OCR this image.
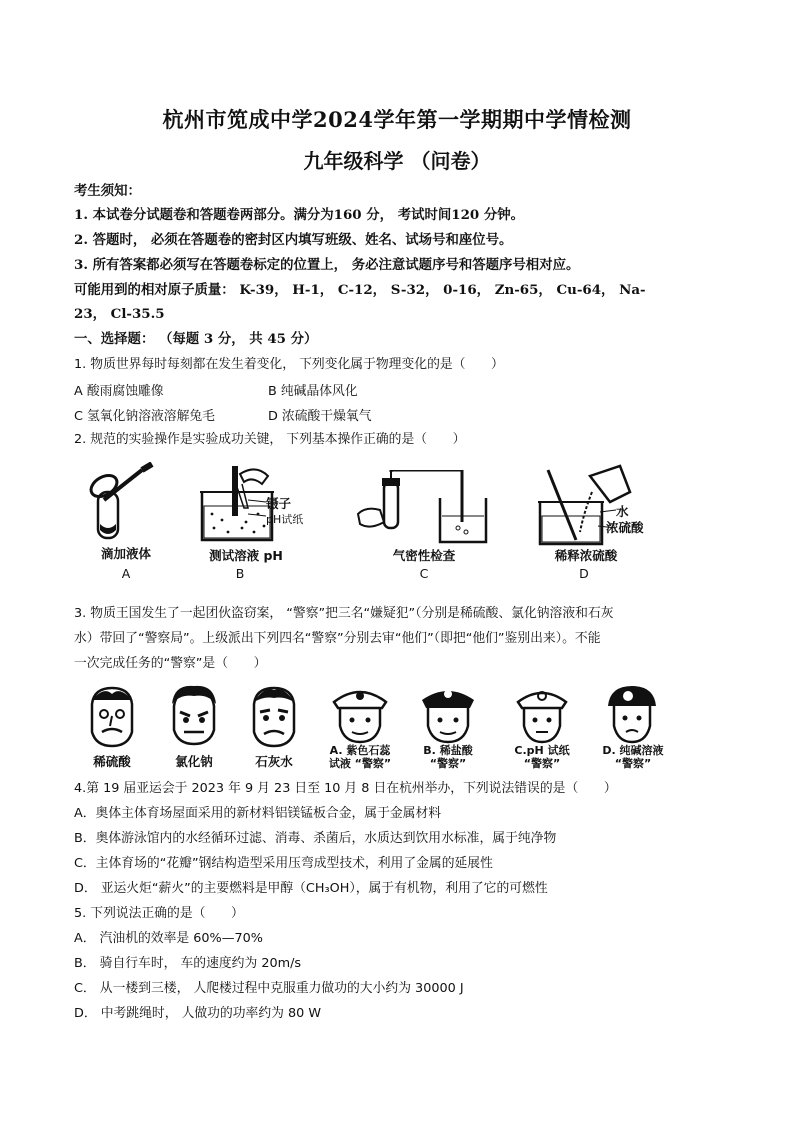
杭州市笕成中学2024学年第一学期期中学情检测
九年级科学 （问卷）
考生须知：
1. 本试卷分试题卷和答题卷两部分。满分为160 分， 考试时间120 分钟。
2. 答题时， 必须在答题卷的密封区内填写班级、姓名、试场号和座位号。
3. 所有答案都必须写在答题卷标定的位置上， 务必注意试题序号和答题序号相对应。
可能用到的相对原子质量： K-39， H-1， C-12， S-32， 0-16， Zn-65， Cu-64， Na-
23， Cl-35.5
一、选择题： （每题 3 分， 共 45 分）
1. 物质世界每时每刻都在发生着变化， 下列变化属于物理变化的是（　　）
A 酸雨腐蚀雕像	B 纯碱晶体风化
C 氢氧化钠溶液溶解兔毛	D 浓硫酸干燥氧气
2. 规范的实验操作是实验成功关键， 下列基本操作正确的是（　　）
滴加液体
A
镊子
pH试纸
测试溶液 pH
B
气密性检查
C
水
浓硫酸
稀释浓硫酸
D
3. 物质王国发生了一起团伙盗窃案， “警察”把三名“嫌疑犯”（分别是稀硫酸、氯化钠溶液和石灰
水）带回了“警察局”。上级派出下列四名“警察”分别去审“他们”（即把“他们”鉴别出来）。不能
一次完成任务的“警察”是（　　）
稀硫酸	氯化钠	石灰水
A. 紫色石蕊
试液 “警察”
B. 稀盐酸
“警察”
C.pH 试纸
“警察”
D. 纯碱溶液
“警察”
4.第 19 届亚运会于 2023 年 9 月 23 日至 10 月 8 日在杭州举办，下列说法错误的是（　　）
A．奥体主体育场屋面采用的新材料铝镁锰板合金，属于金属材料
B．奥体游泳馆内的水经循环过滤、消毒、杀菌后，水质达到饮用水标准，属于纯净物
C．主体育场的“花瓣”钢结构造型采用压弯成型技术，利用了金属的延展性
D． 亚运火炬“薪火”的主要燃料是甲醇（CH₃OH），属于有机物，利用了它的可燃性
5. 下列说法正确的是（　　）
A． 汽油机的效率是 60%—70%
B． 骑自行车时， 车的速度约为 20m/s
C． 从一楼到三楼， 人爬楼过程中克服重力做功的大小约为 30000 J
D． 中考跳绳时， 人做功的功率约为 80 W
